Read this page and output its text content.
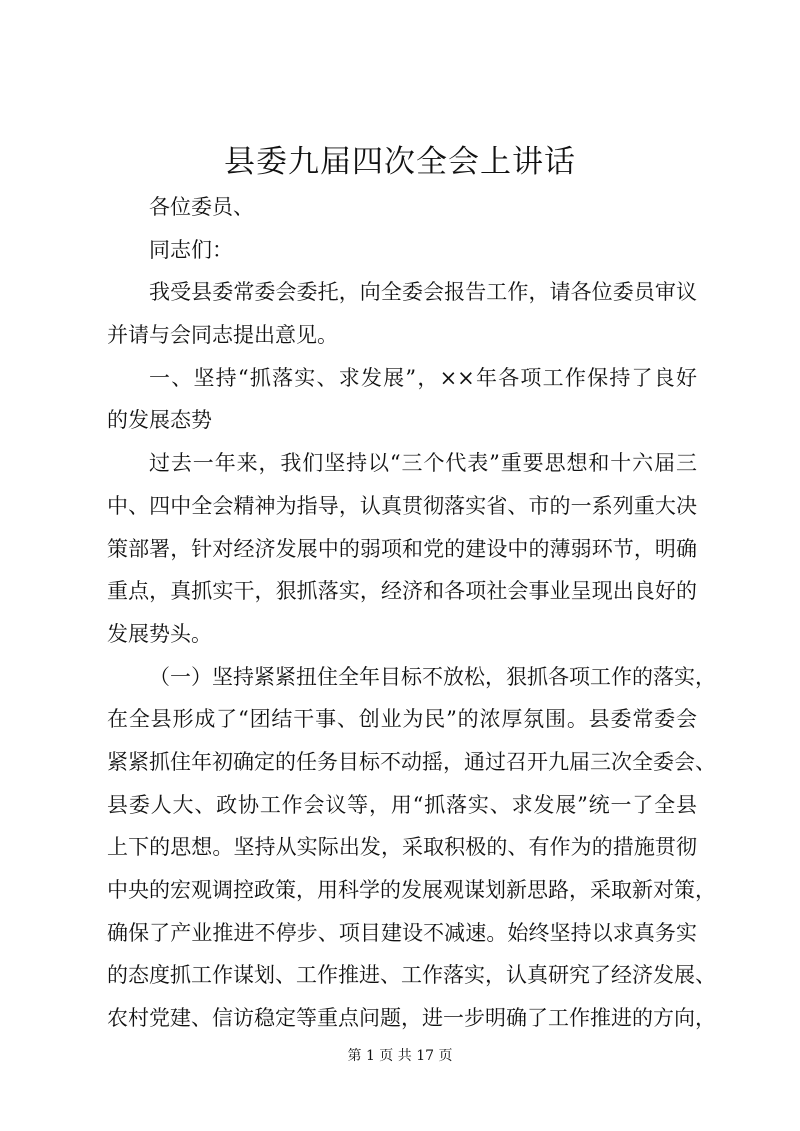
县委九届四次全会上讲话
各位委员、
同志们：
我受县委常委会委托，向全委会报告工作，请各位委员审议
并请与会同志提出意见。
一、坚持“抓落实、求发展”，××年各项工作保持了良好
的发展态势
过去一年来，我们坚持以“三个代表”重要思想和十六届三
中、四中全会精神为指导，认真贯彻落实省、市的一系列重大决
策部署，针对经济发展中的弱项和党的建设中的薄弱环节，明确
重点，真抓实干，狠抓落实，经济和各项社会事业呈现出良好的
发展势头。
（一）坚持紧紧扭住全年目标不放松，狠抓各项工作的落实，
在全县形成了“团结干事、创业为民”的浓厚氛围。县委常委会
紧紧抓住年初确定的任务目标不动摇，通过召开九届三次全委会、
县委人大、政协工作会议等，用“抓落实、求发展”统一了全县
上下的思想。坚持从实际出发，采取积极的、有作为的措施贯彻
中央的宏观调控政策，用科学的发展观谋划新思路，采取新对策，
确保了产业推进不停步、项目建设不减速。始终坚持以求真务实
的态度抓工作谋划、工作推进、工作落实，认真研究了经济发展、
农村党建、信访稳定等重点问题，进一步明确了工作推进的方向，
第 1 页 共 17 页
